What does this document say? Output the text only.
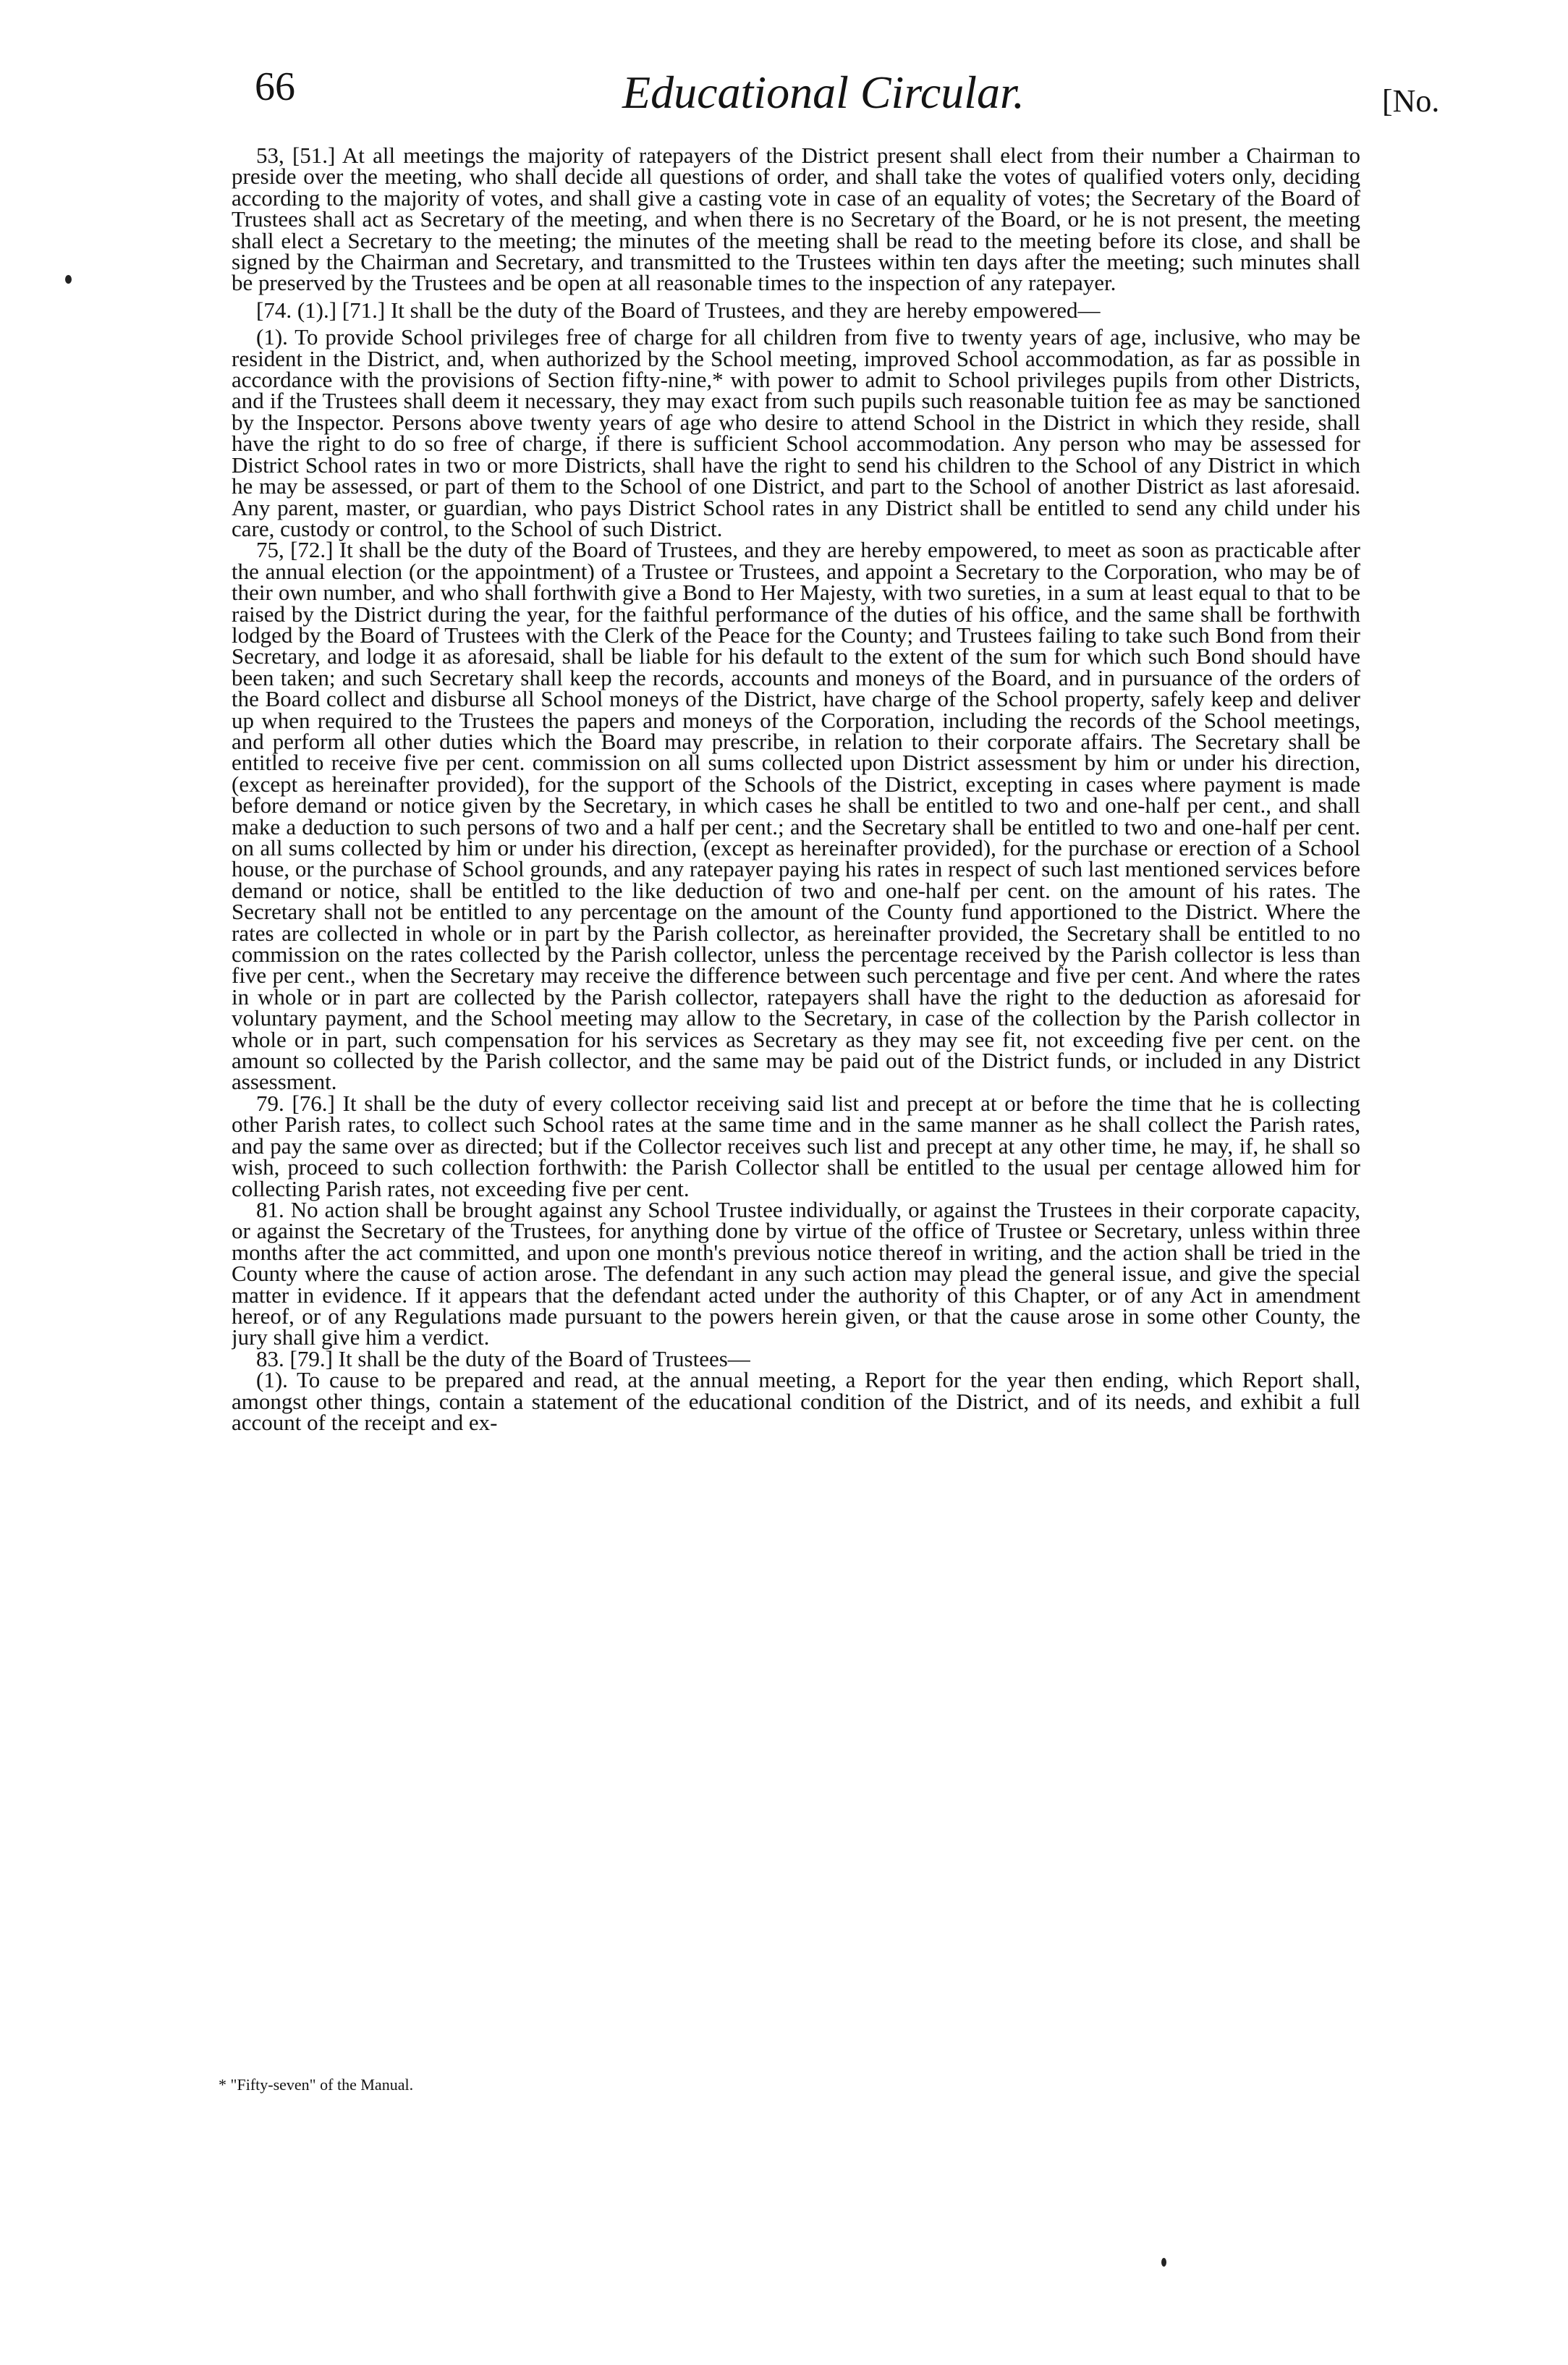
66	Educational Circular.	[No.

53, [51.] At all meetings the majority of ratepayers of the District present shall elect from their number a Chairman to preside over the meeting, who shall decide all questions of order, and shall take the votes of qualified voters only, deciding according to the majority of votes, and shall give a casting vote in case of an equality of votes; the Secretary of the Board of Trustees shall act as Secretary of the meeting, and when there is no Secretary of the Board, or he is not present, the meeting shall elect a Secretary to the meeting; the minutes of the meeting shall be read to the meeting before its close, and shall be signed by the Chairman and Secretary, and transmitted to the Trustees within ten days after the meeting; such minutes shall be preserved by the Trustees and be open at all reasonable times to the inspection of any ratepayer.

[74. (1).] [71.] It shall be the duty of the Board of Trustees, and they are hereby empowered—

(1). To provide School privileges free of charge for all children from five to twenty years of age, inclusive, who may be resident in the District, and, when authorized by the School meeting, improved School accommodation, as far as possible in accordance with the provisions of Section fifty-nine,* with power to admit to School privileges pupils from other Districts, and if the Trustees shall deem it necessary, they may exact from such pupils such reasonable tuition fee as may be sanctioned by the Inspector. Persons above twenty years of age who desire to attend School in the District in which they reside, shall have the right to do so free of charge, if there is sufficient School accommodation. Any person who may be assessed for District School rates in two or more Districts, shall have the right to send his children to the School of any District in which he may be assessed, or part of them to the School of one District, and part to the School of another District as last aforesaid. Any parent, master, or guardian, who pays District School rates in any District shall be entitled to send any child under his care, custody or control, to the School of such District.

75, [72.] It shall be the duty of the Board of Trustees, and they are hereby empowered, to meet as soon as practicable after the annual election (or the appointment) of a Trustee or Trustees, and appoint a Secretary to the Corporation, who may be of their own number, and who shall forthwith give a Bond to Her Majesty, with two sureties, in a sum at least equal to that to be raised by the District during the year, for the faithful performance of the duties of his office, and the same shall be forthwith lodged by the Board of Trustees with the Clerk of the Peace for the County; and Trustees failing to take such Bond from their Secretary, and lodge it as aforesaid, shall be liable for his default to the extent of the sum for which such Bond should have been taken; and such Secretary shall keep the records, accounts and moneys of the Board, and in pursuance of the orders of the Board collect and disburse all School moneys of the District, have charge of the School property, safely keep and deliver up when required to the Trustees the papers and moneys of the Corporation, including the records of the School meetings, and perform all other duties which the Board may prescribe, in relation to their corporate affairs. The Secretary shall be entitled to receive five per cent. commission on all sums collected upon District assessment by him or under his direction, (except as hereinafter provided), for the support of the Schools of the District, excepting in cases where payment is made before demand or notice given by the Secretary, in which cases he shall be entitled to two and one-half per cent., and shall make a deduction to such persons of two and a half per cent.; and the Secretary shall be entitled to two and one-half per cent. on all sums collected by him or under his direction, (except as hereinafter provided), for the purchase or erection of a School house, or the purchase of School grounds, and any ratepayer paying his rates in respect of such last mentioned services before demand or notice, shall be entitled to the like deduction of two and one-half per cent. on the amount of his rates. The Secretary shall not be entitled to any percentage on the amount of the County fund apportioned to the District. Where the rates are collected in whole or in part by the Parish collector, as hereinafter provided, the Secretary shall be entitled to no commission on the rates collected by the Parish collector, unless the percentage received by the Parish collector is less than five per cent., when the Secretary may receive the difference between such percentage and five per cent. And where the rates in whole or in part are collected by the Parish collector, ratepayers shall have the right to the deduction as aforesaid for voluntary payment, and the School meeting may allow to the Secretary, in case of the collection by the Parish collector in whole or in part, such compensation for his services as Secretary as they may see fit, not exceeding five per cent. on the amount so collected by the Parish collector, and the same may be paid out of the District funds, or included in any District assessment.

79. [76.] It shall be the duty of every collector receiving said list and precept at or before the time that he is collecting other Parish rates, to collect such School rates at the same time and in the same manner as he shall collect the Parish rates, and pay the same over as directed; but if the Collector receives such list and precept at any other time, he may, if, he shall so wish, proceed to such collection forthwith: the Parish Collector shall be entitled to the usual per centage allowed him for collecting Parish rates, not exceeding five per cent.

81. No action shall be brought against any School Trustee individually, or against the Trustees in their corporate capacity, or against the Secretary of the Trustees, for anything done by virtue of the office of Trustee or Secretary, unless within three months after the act committed, and upon one month's previous notice thereof in writing, and the action shall be tried in the County where the cause of action arose. The defendant in any such action may plead the general issue, and give the special matter in evidence. If it appears that the defendant acted under the authority of this Chapter, or of any Act in amendment hereof, or of any Regulations made pursuant to the powers herein given, or that the cause arose in some other County, the jury shall give him a verdict.

83. [79.] It shall be the duty of the Board of Trustees—

(1). To cause to be prepared and read, at the annual meeting, a Report for the year then ending, which Report shall, amongst other things, contain a statement of the educational condition of the District, and of its needs, and exhibit a full account of the receipt and ex-

* "Fifty-seven" of the Manual.
